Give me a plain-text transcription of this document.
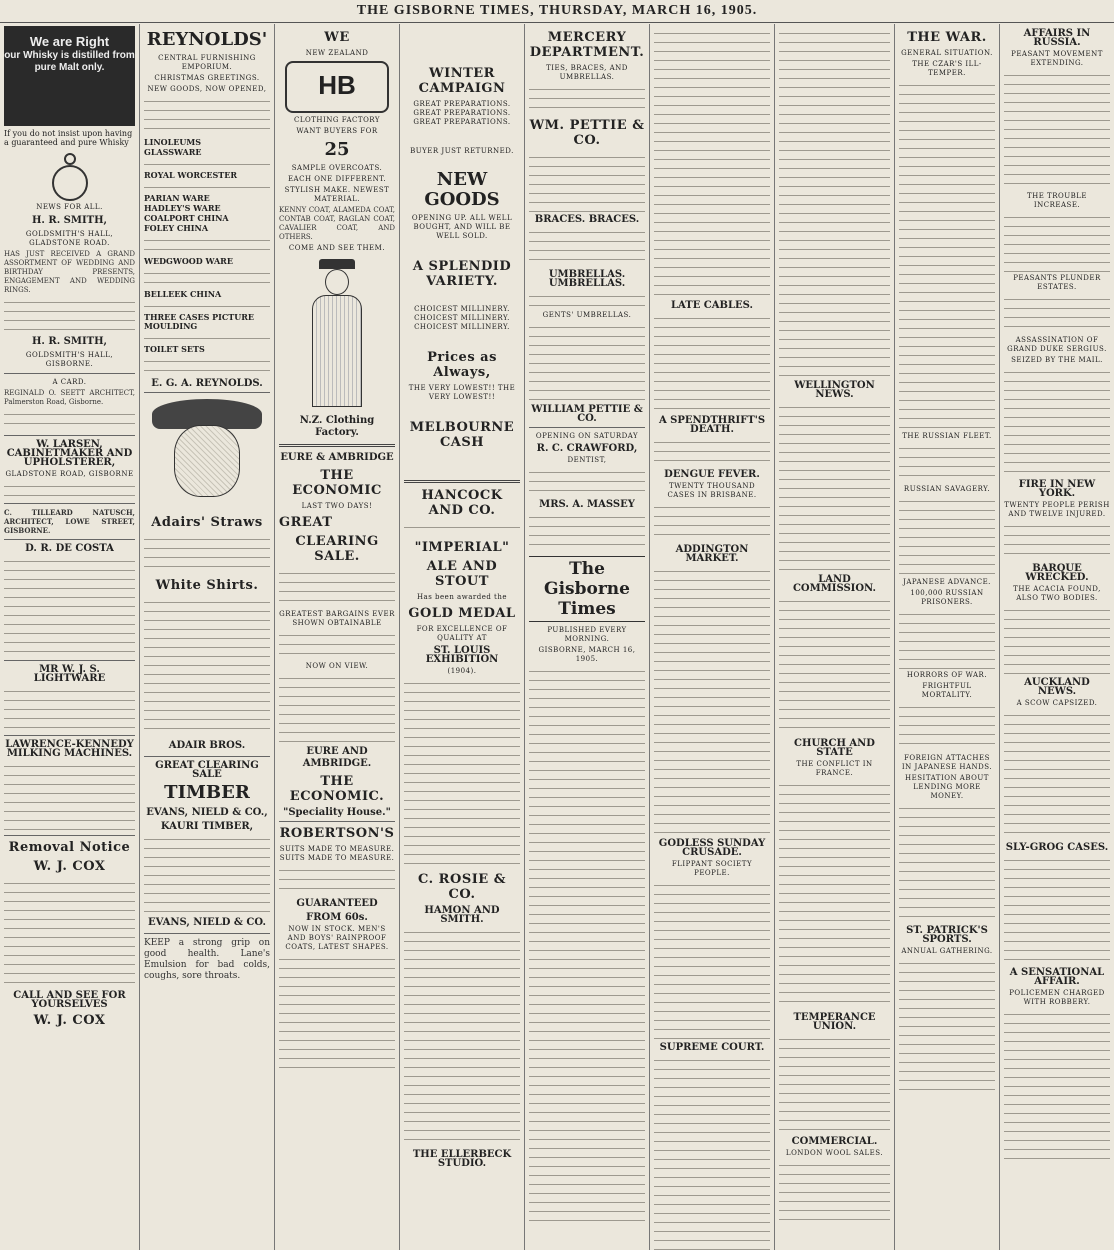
THE GISBORNE TIMES, THURSDAY, MARCH 16, 1905.
We are Right
our Whisky is distilled from pure Malt only.
If you do not insist upon having a guaranteed and pure Whisky
NEWS FOR ALL.
H. R. SMITH,
GOLDSMITH'S HALL, GLADSTONE ROAD.
HAS JUST RECEIVED A GRAND ASSORTMENT OF WEDDING AND BIRTHDAY PRESENTS, ENGAGEMENT AND WEDDING RINGS.
H. R. SMITH,
GOLDSMITH'S HALL, GISBORNE.
A CARD.
REGINALD O. SEETT ARCHITECT, Palmerston Road, Gisborne.
W. LARSEN, CABINETMAKER AND UPHOLSTERER,
GLADSTONE ROAD, GISBORNE
C. TILLEARD NATUSCH, ARCHITECT, LOWE STREET, GISBORNE.
D. R. DE COSTA
MR W. J. S. LIGHTWARE
LAWRENCE-KENNEDY MILKING MACHINES.
Removal Notice
W. J. COX
CALL AND SEE FOR YOURSELVES
W. J. COX
REYNOLDS'
CENTRAL FURNISHING EMPORIUM.
CHRISTMAS GREETINGS.
NEW GOODS, NOW OPENED,
LINOLEUMS
GLASSWARE
ROYAL WORCESTER
PARIAN WARE
HADLEY'S WARE
COALPORT CHINA
FOLEY CHINA
WEDGWOOD WARE
BELLEEK CHINA
THREE CASES PICTURE MOULDING
TOILET SETS
E. G. A. REYNOLDS.
Adairs' Straws
White Shirts.
ADAIR BROS.
GREAT CLEARING SALE
TIMBER
EVANS, NIELD & CO.,
KAURI TIMBER,
EVANS, NIELD & CO.
KEEP a strong grip on good health. Lane's Emulsion for bad colds, coughs, sore throats.
WE
NEW ZEALAND
HB
CLOTHING FACTORY
WANT BUYERS FOR
25
SAMPLE OVERCOATS.
EACH ONE DIFFERENT.
STYLISH MAKE. NEWEST MATERIAL.
KENNY COAT, ALAMEDA COAT, CONTAB COAT, RAGLAN COAT, CAVALIER COAT, AND OTHERS.
COME AND SEE THEM.
N.Z. Clothing Factory.
EURE & AMBRIDGE
THE ECONOMIC
LAST TWO DAYS!
GREAT
CLEARING SALE.
GREATEST BARGAINS EVER SHOWN OBTAINABLE
NOW ON VIEW.
EURE AND AMBRIDGE.
THE ECONOMIC.
"Speciality House."
ROBERTSON'S
SUITS MADE TO MEASURE. SUITS MADE TO MEASURE.
GUARANTEED
FROM 60s.
NOW IN STOCK. MEN'S AND BOYS' RAINPROOF COATS, LATEST SHAPES.
WINTER CAMPAIGN
GREAT PREPARATIONS. GREAT PREPARATIONS. GREAT PREPARATIONS.
BUYER JUST RETURNED.
NEW GOODS
OPENING UP. ALL WELL BOUGHT, AND WILL BE WELL SOLD.
A SPLENDID VARIETY.
CHOICEST MILLINERY. CHOICEST MILLINERY. CHOICEST MILLINERY.
Prices as Always,
THE VERY LOWEST!! THE VERY LOWEST!!
MELBOURNE CASH
HANCOCK AND CO.
"IMPERIAL"
ALE AND STOUT
Has been awarded the
GOLD MEDAL
FOR EXCELLENCE OF QUALITY AT
ST. LOUIS EXHIBITION
(1904).
C. ROSIE & CO.
HAMON AND SMITH.
THE ELLERBECK STUDIO.
MERCERY DEPARTMENT.
TIES, BRACES, AND UMBRELLAS.
WM. PETTIE & CO.
BRACES. BRACES.
UMBRELLAS. UMBRELLAS.
GENTS' UMBRELLAS.
WILLIAM PETTIE & CO.
OPENING ON SATURDAY
R. C. CRAWFORD,
DENTIST,
MRS. A. MASSEY
The Gisborne Times
PUBLISHED EVERY MORNING.
GISBORNE, MARCH 16, 1905.
LATE CABLES.
A SPENDTHRIFT'S DEATH.
DENGUE FEVER.
TWENTY THOUSAND CASES IN BRISBANE.
ADDINGTON MARKET.
GODLESS SUNDAY CRUSADE.
FLIPPANT SOCIETY PEOPLE.
SUPREME COURT.
WELLINGTON NEWS.
LAND COMMISSION.
CHURCH AND STATE
THE CONFLICT IN FRANCE.
TEMPERANCE UNION.
COMMERCIAL.
LONDON WOOL SALES.
THE WAR.
GENERAL SITUATION.
THE CZAR'S ILL-TEMPER.
THE RUSSIAN FLEET.
RUSSIAN SAVAGERY.
JAPANESE ADVANCE.
100,000 RUSSIAN PRISONERS.
HORRORS OF WAR.
FRIGHTFUL MORTALITY.
FOREIGN ATTACHES IN JAPANESE HANDS.
HESITATION ABOUT LENDING MORE MONEY.
ST. PATRICK'S SPORTS.
ANNUAL GATHERING.
AFFAIRS IN RUSSIA.
PEASANT MOVEMENT EXTENDING.
THE TROUBLE INCREASE.
PEASANTS PLUNDER ESTATES.
ASSASSINATION OF GRAND DUKE SERGIUS.
SEIZED BY THE MAIL.
FIRE IN NEW YORK.
TWENTY PEOPLE PERISH AND TWELVE INJURED.
BARQUE WRECKED.
THE ACACIA FOUND, ALSO TWO BODIES.
AUCKLAND NEWS.
A SCOW CAPSIZED.
SLY-GROG CASES.
A SENSATIONAL AFFAIR.
POLICEMEN CHARGED WITH ROBBERY.
